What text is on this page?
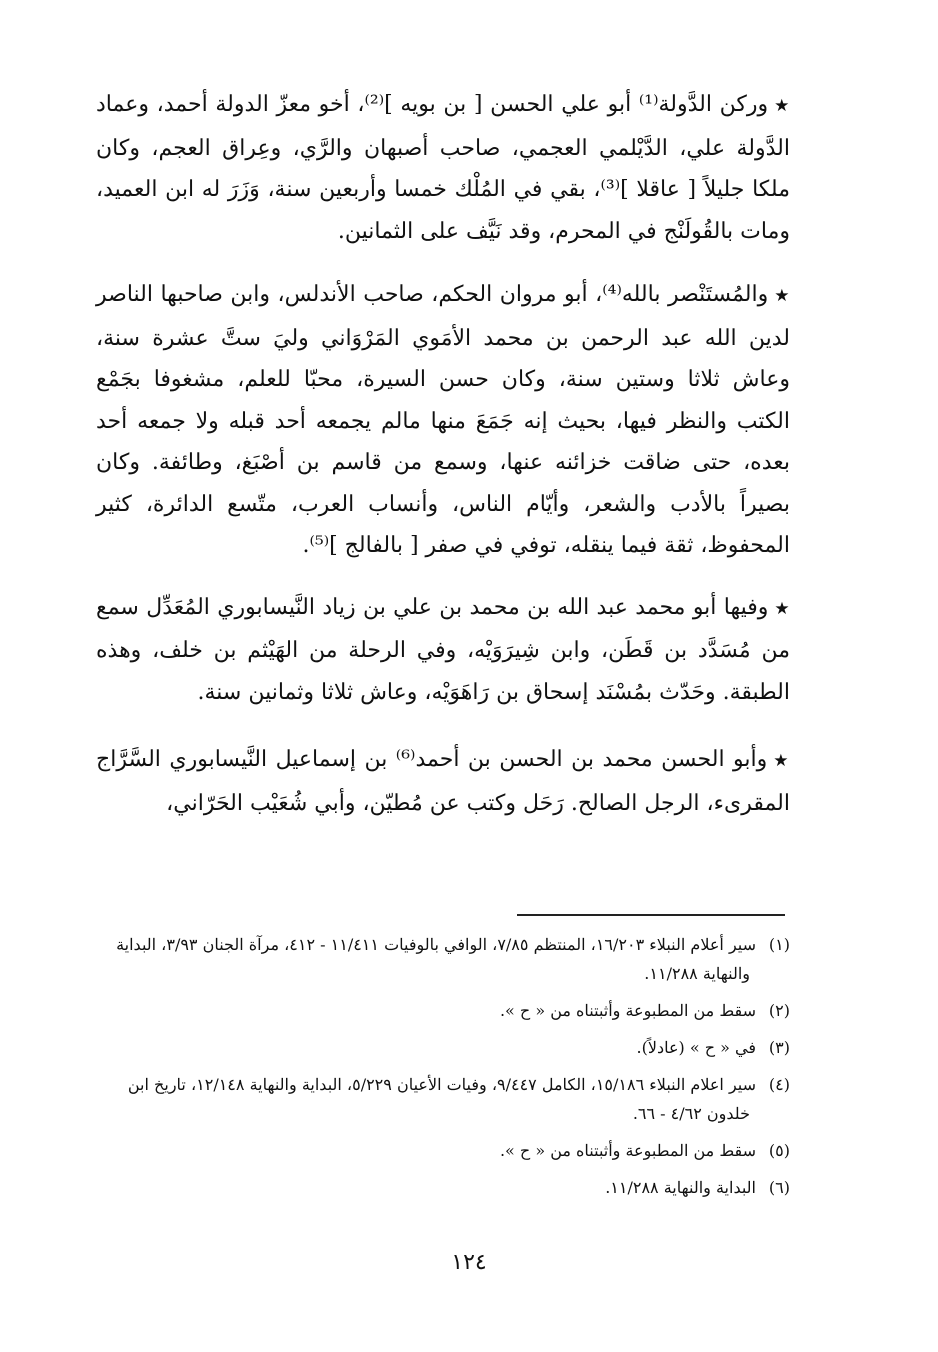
★وركن الدَّولة⁽¹⁾ أبو علي الحسن [ بن بويه ]⁽²⁾، أخو معزّ الدولة أحمد، وعماد الدَّولة علي، الدَّيْلمي العجمي، صاحب أصبهان والرَّي، وعِراق العجم، وكان ملكا جليلاً [ عاقلا ]⁽³⁾، بقي في المُلْك خمسا وأربعين سنة، وَزَرَ له ابن العميد، ومات بالقُولَنْج في المحرم، وقد نَيَّف على الثمانين.

★والمُستَنْصر بالله⁽⁴⁾، أبو مروان الحكم، صاحب الأندلس، وابن صاحبها الناصر لدين الله عبد الرحمن بن محمد الأمَوي المَرْوَاني وليَ ستَّ عشرة سنة، وعاش ثلاثا وستين سنة، وكان حسن السيرة، محبّا للعلم، مشغوفا بجَمْع الكتب والنظر فيها، بحيث إنه جَمَعَ منها مالم يجمعه أحد قبله ولا جمعه أحد بعده، حتى ضاقت خزائنه عنها، وسمع من قاسم بن أصْبَغ، وطائفة. وكان بصيراً بالأدب والشعر، وأيّام الناس، وأنساب العرب، متّسع الدائرة، كثير المحفوظ، ثقة فيما ينقله، توفي في صفر [ بالفالج ]⁽⁵⁾.

★وفيها أبو محمد عبد الله بن محمد بن علي بن زياد النَّيسابوري المُعَدِّل سمع من مُسَدَّد بن قَطَن، وابن شِيرَوَيْه، وفي الرحلة من الهَيْثم بن خلف، وهذه الطبقة. وحَدّث بمُسْنَد إسحاق بن رَاهَوَيْه، وعاش ثلاثا وثمانين سنة.

★وأبو الحسن محمد بن الحسن بن أحمد⁽⁶⁾ بن إسماعيل النَّيسابوري السَّرَّاج المقرىء، الرجل الصالح. رَحَل وكتب عن مُطيّن، وأبي شُعَيْب الحَرّاني،

(١)سير أعلام النبلاء ١٦/٢٠٣، المنتظم ٧/٨٥، الوافي بالوفيات ١١/٤١١ - ٤١٢، مرآة الجنان ٣/٩٣، البداية والنهاية ١١/٢٨٨.

(٢)سقط من المطبوعة وأثبتناه من « ح ».

(٣)في « ح » (عادلاً).

(٤)سير اعلام النبلاء ١٥/١٨٦، الكامل ٩/٤٤٧، وفيات الأعيان ٥/٢٢٩، البداية والنهاية ١٢/١٤٨، تاريخ ابن خلدون ٤/٦٢ - ٦٦.

(٥)سقط من المطبوعة وأثبتناه من « ح ».

(٦)البداية والنهاية ١١/٢٨٨.

١٢٤
